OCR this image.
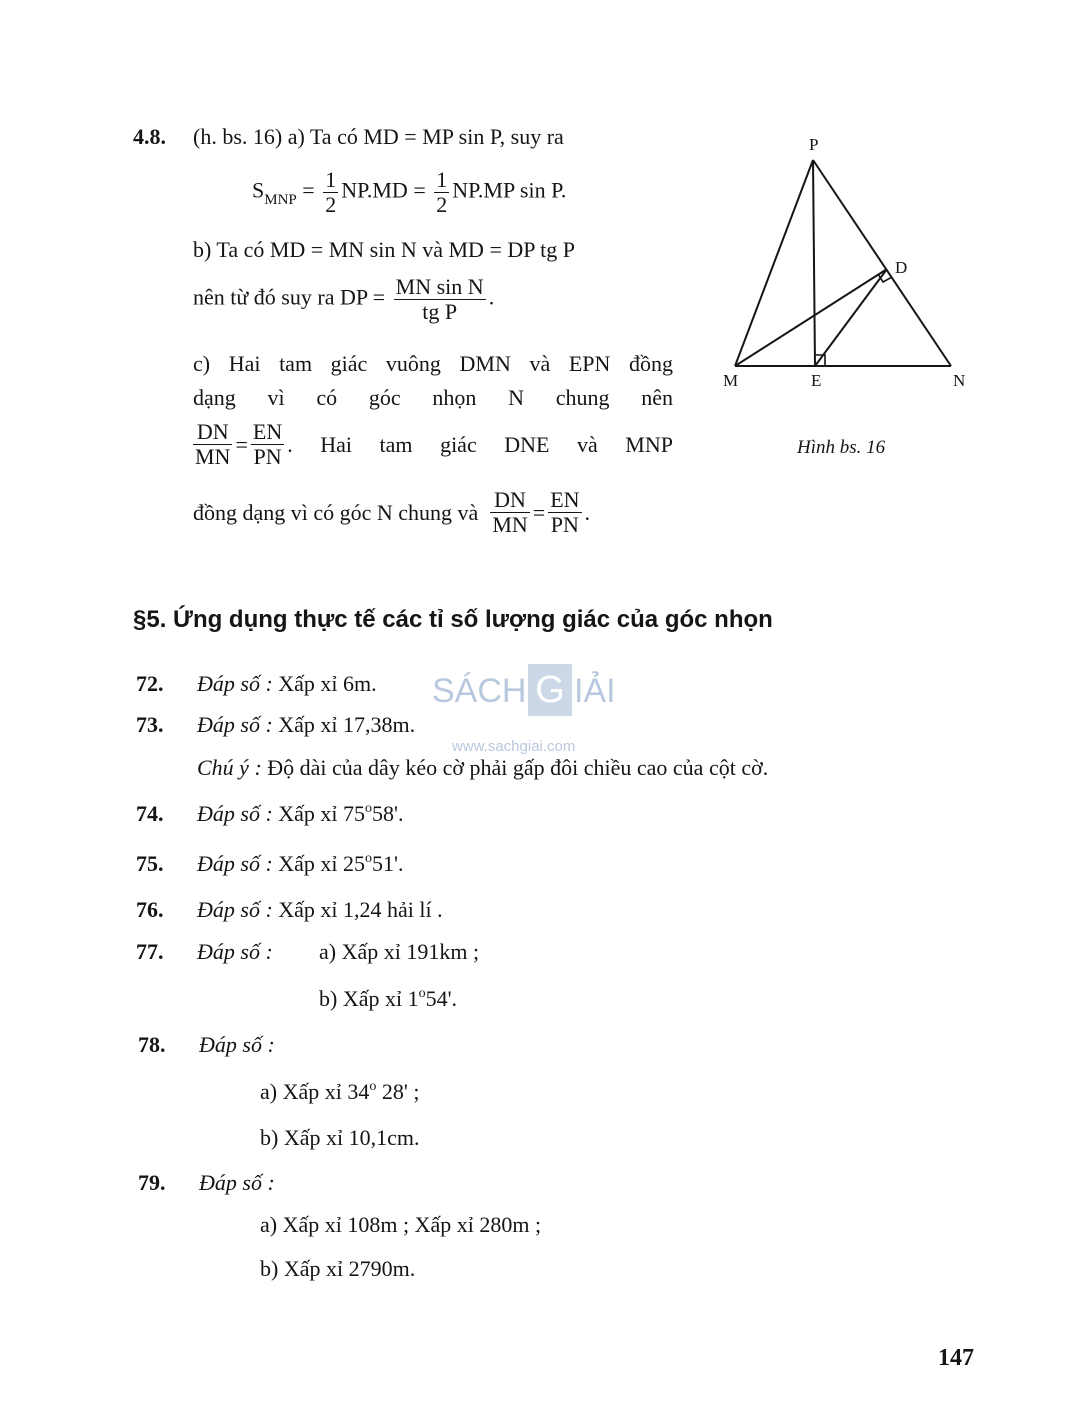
4.8. (h. bs. 16) a) Ta có MD = MP sin P, suy ra
$S_{MNP} = \frac{1}{2} NP.MD = \frac{1}{2} NP.MP$ sin P.
b) Ta có MD = MN sin N và MD = DP tg P
nên từ đó suy ra DP = $\frac{\text{MN sin N}}{\text{tg P}}$ .
c) Hai tam giác vuông DMN và EPN đồng
dạng vì có góc nhọn N chung nên
$\frac{DN}{MN} = \frac{EN}{PN}$ . Hai tam giác DNE và MNP
đồng dạng vì có góc N chung và $\frac{DN}{MN} = \frac{EN}{PN}$ .
P
D
M	E	N
Hình bs. 16
§5. Ứng dụng thực tế các tỉ số lượng giác của góc nhọn
SÁCH G IẢI
www.sachgiai.com
72. Đáp số : Xấp xỉ 6m.
73. Đáp số : Xấp xỉ 17,38m.
Chú ý : Độ dài của dây kéo cờ phải gấp đôi chiều cao của cột cờ.
74. Đáp số : Xấp xỉ 75$^o$58'.
75. Đáp số : Xấp xỉ 25$^o$51'.
76. Đáp số : Xấp xỉ 1,24 hải lí .
77. Đáp số : a) Xấp xỉ 191km ;
b) Xấp xỉ 1$^o$54'.
78. Đáp số :
a) Xấp xỉ 34$^o$ 28' ;
b) Xấp xỉ 10,1cm.
79. Đáp số :
a) Xấp xỉ 108m ; Xấp xỉ 280m ;
b) Xấp xỉ 2790m.
147
